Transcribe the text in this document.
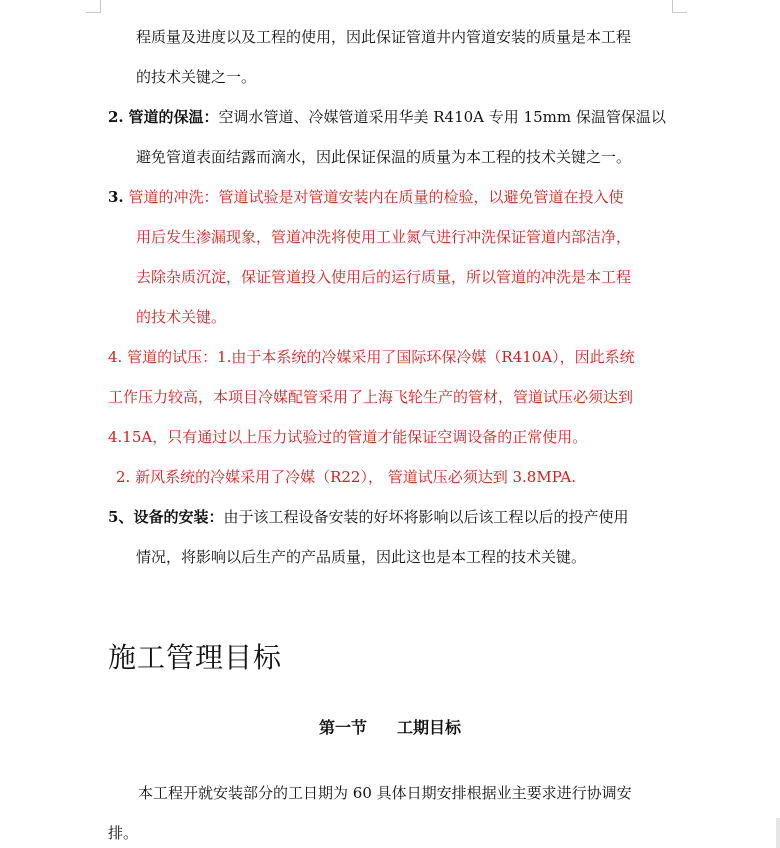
程质量及进度以及工程的使用，因此保证管道井内管道安装的质量是本工程
的技术关键之一。
2. 管道的保温：空调水管道、冷媒管道采用华美 R410A 专用 15mm 保温管保温以
避免管道表面结露而滴水，因此保证保温的质量为本工程的技术关键之一。
3. 管道的冲洗：管道试验是对管道安装内在质量的检验，以避免管道在投入使
用后发生渗漏现象，管道冲洗将使用工业氮气进行冲洗保证管道内部洁净，
去除杂质沉淀，保证管道投入使用后的运行质量，所以管道的冲洗是本工程
的技术关键。
4. 管道的试压：1.由于本系统的冷媒采用了国际环保冷媒（R410A），因此系统
工作压力较高，本项目冷媒配管采用了上海飞轮生产的管材，管道试压必须达到
4.15A，只有通过以上压力试验过的管道才能保证空调设备的正常使用。
2. 新风系统的冷媒采用了冷媒（R22）， 管道试压必须达到 3.8MPA.
5、设备的安装：由于该工程设备安装的好坏将影响以后该工程以后的投产使用
情况，将影响以后生产的产品质量，因此这也是本工程的技术关键。
施工管理目标
第一节 工期目标
本工程开就安装部分的工日期为 60 具体日期安排根据业主要求进行协调安
排。
